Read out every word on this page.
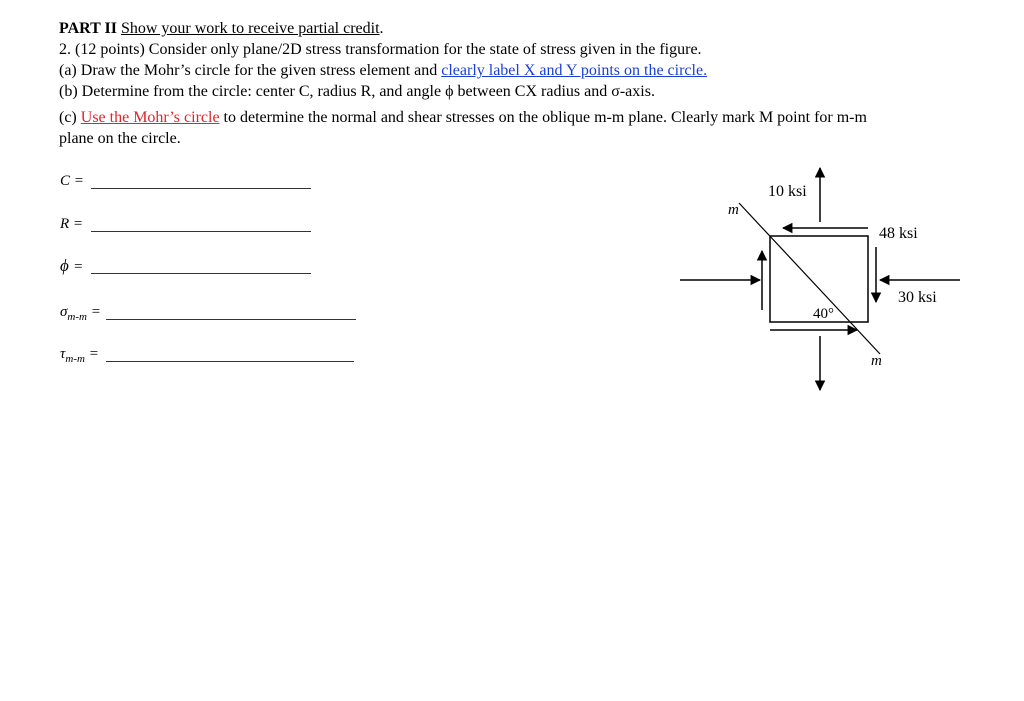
PART II Show your work to receive partial credit.
2. (12 points) Consider only plane/2D stress transformation for the state of stress given in the figure.
(a) Draw the Mohr’s circle for the given stress element and clearly label X and Y points on the circle.
(b) Determine from the circle: center C, radius R, and angle ϕ between CX radius and σ-axis.
(c) Use the Mohr’s circle to determine the normal and shear stresses on the oblique m-m plane. Clearly mark M point for m-m
plane on the circle.
C =
R =
ϕ =
$\sigma_{m-m}$ =
$\tau_{m-m}$ =
10 ksi
48 ksi
30 ksi
40°
m
m
